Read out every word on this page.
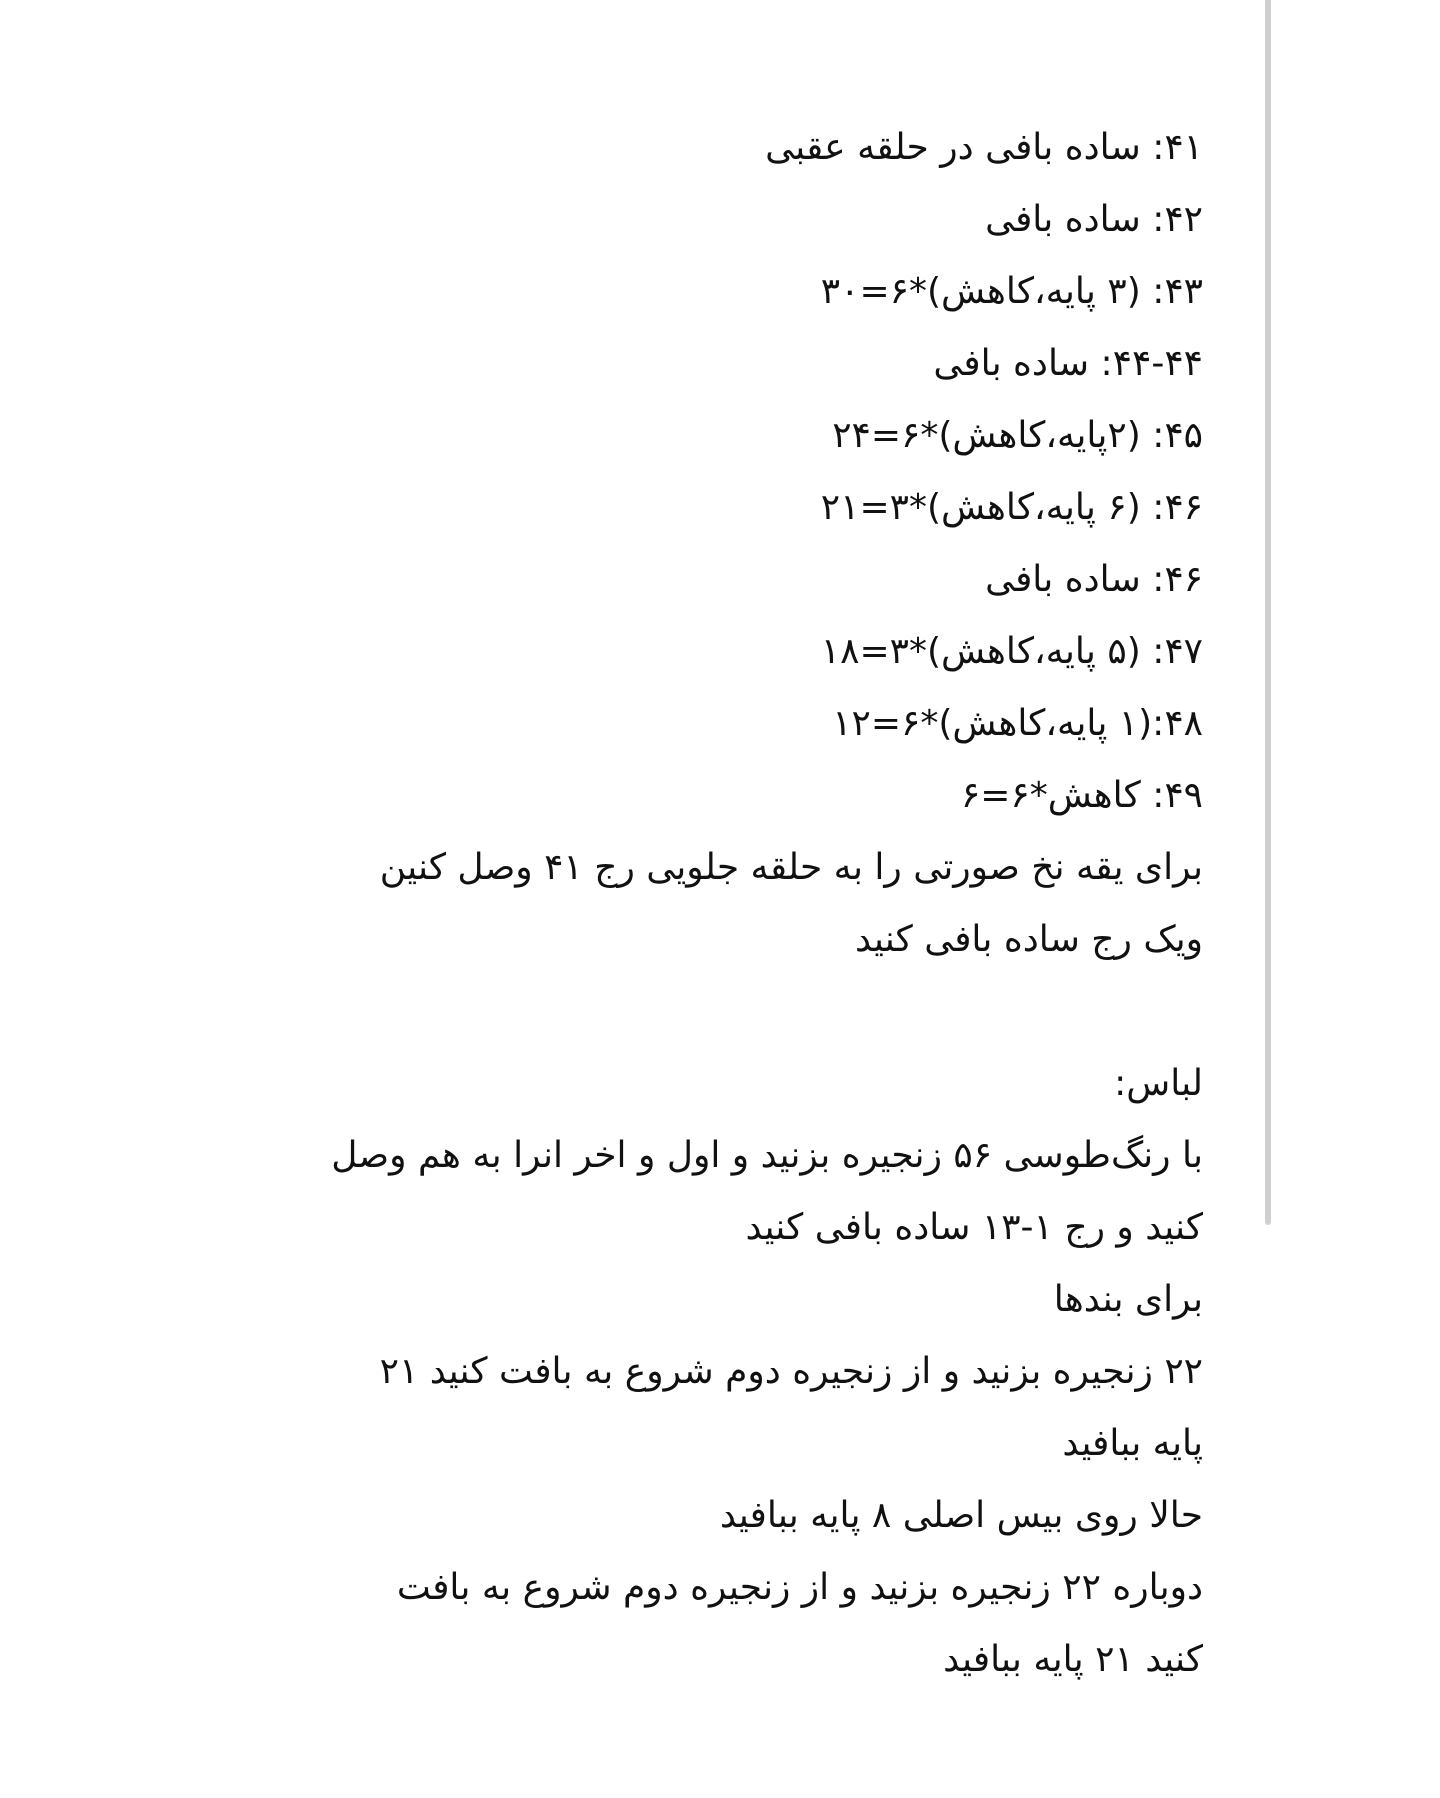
۴۱: ساده بافی در حلقه عقبی

۴۲: ساده بافی

۴۳: (۳ پایه،کاهش)*۶=۳۰

۴۴-۴۴: ساده بافی

۴۵: (۲پایه،کاهش)*۶=۲۴

۴۶: (۶ پایه،کاهش)*۳=۲۱

۴۶: ساده بافی

۴۷: (۵ پایه،کاهش)*۳=۱۸

۴۸:(۱ پایه،کاهش)*۶=۱۲

۴۹: کاهش*۶=۶

برای یقه نخ صورتی را به حلقه جلویی رج ۴۱ وصل کنین

ویک رج ساده بافی کنید

لباس:

با رنگ‌طوسی ۵۶ زنجیره بزنید و اول و اخر انرا به هم وصل

کنید و رج ۱-۱۳ ساده بافی کنید

برای بندها

۲۲ زنجیره بزنید و از زنجیره دوم شروع به بافت کنید ۲۱

پایه ببافید

حالا روی بیس اصلی ۸ پایه ببافید

دوباره ۲۲ زنجیره بزنید و از زنجیره دوم شروع به بافت

کنید ۲۱ پایه ببافید
